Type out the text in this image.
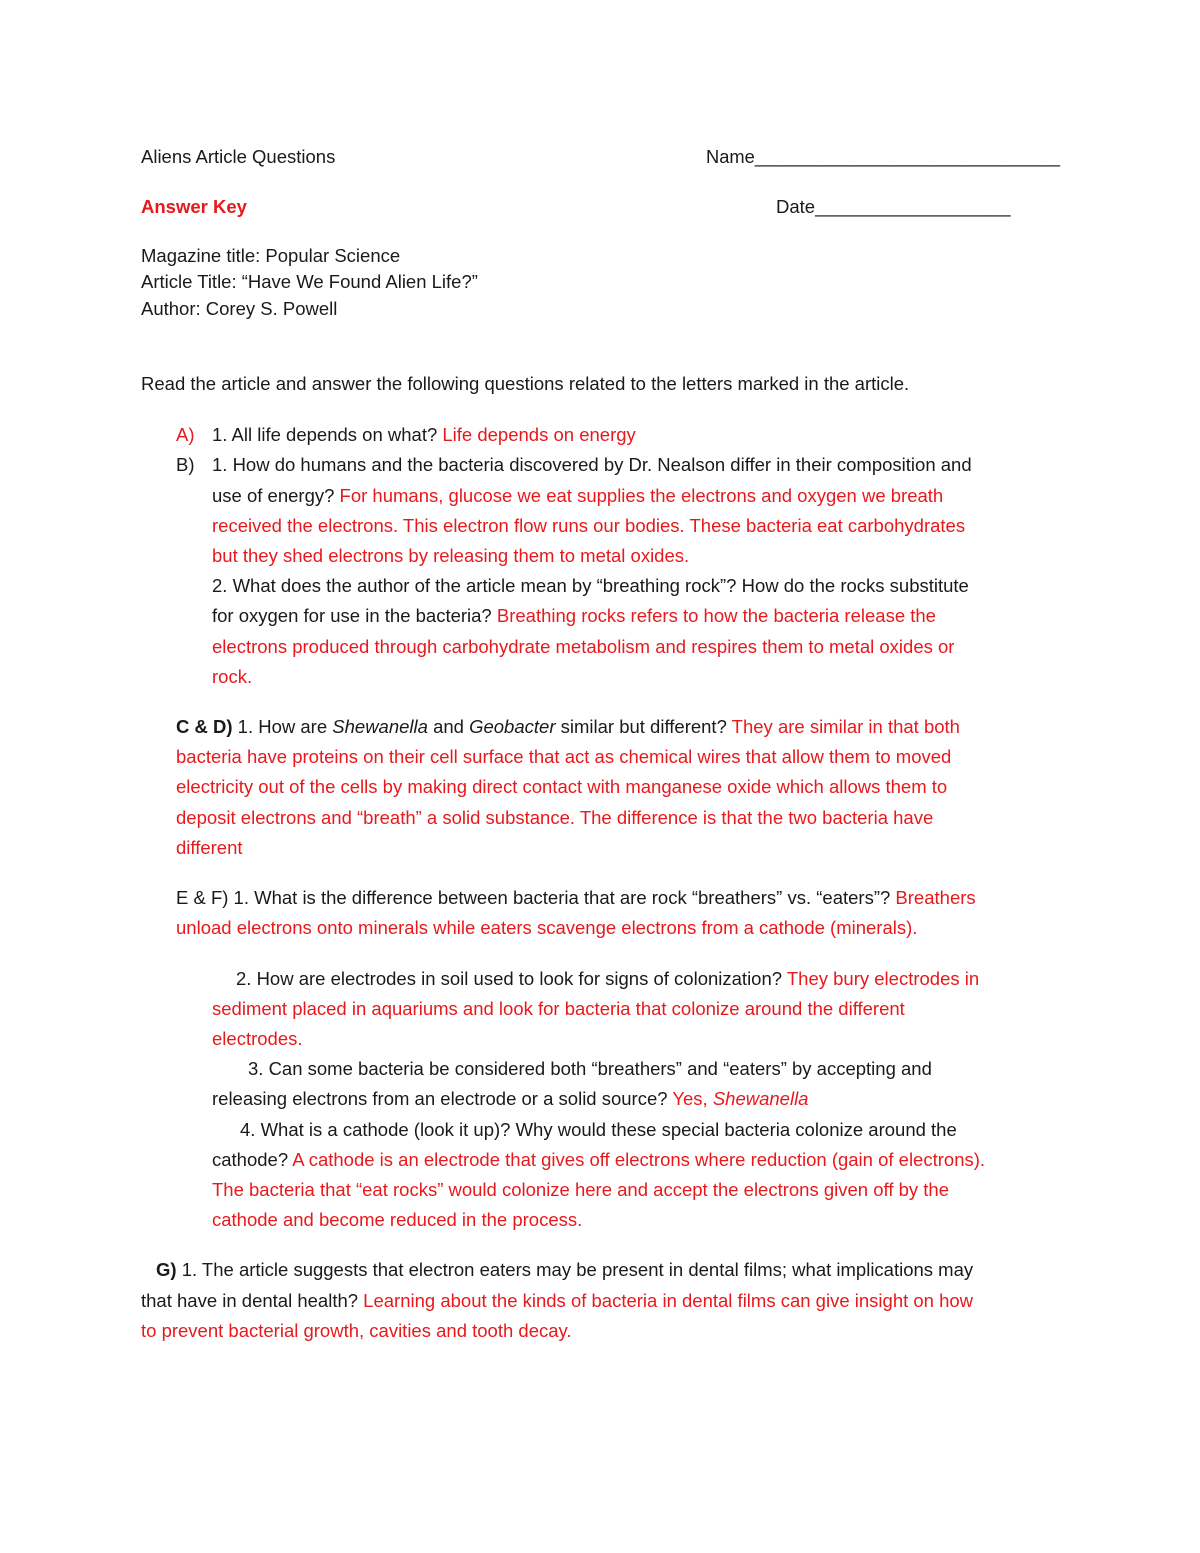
Aliens Article Questions	Name______________________________
Answer Key	Date___________________
Magazine title: Popular Science
Article Title: “Have We Found Alien Life?”
Author: Corey S. Powell
Read the article and answer the following questions related to the letters marked in the article.
A) 1. All life depends on what? Life depends on energy
B) 1. How do humans and the bacteria discovered by Dr. Nealson differ in their composition and
use of energy? For humans, glucose we eat supplies the electrons and oxygen we breath
received the electrons. This electron flow runs our bodies. These bacteria eat carbohydrates
but they shed electrons by releasing them to metal oxides.
2. What does the author of the article mean by “breathing rock”? How do the rocks substitute
for oxygen for use in the bacteria? Breathing rocks refers to how the bacteria release the
electrons produced through carbohydrate metabolism and respires them to metal oxides or
rock.
C & D) 1. How are Shewanella and Geobacter similar but different? They are similar in that both
bacteria have proteins on their cell surface that act as chemical wires that allow them to moved
electricity out of the cells by making direct contact with manganese oxide which allows them to
deposit electrons and “breath” a solid substance. The difference is that the two bacteria have
different
E & F) 1. What is the difference between bacteria that are rock “breathers” vs. “eaters”? Breathers
unload electrons onto minerals while eaters scavenge electrons from a cathode (minerals).
2. How are electrodes in soil used to look for signs of colonization? They bury electrodes in
sediment placed in aquariums and look for bacteria that colonize around the different
electrodes.
3. Can some bacteria be considered both “breathers” and “eaters” by accepting and
releasing electrons from an electrode or a solid source? Yes, Shewanella
4. What is a cathode (look it up)? Why would these special bacteria colonize around the
cathode? A cathode is an electrode that gives off electrons where reduction (gain of electrons).
The bacteria that “eat rocks” would colonize here and accept the electrons given off by the
cathode and become reduced in the process.
G) 1. The article suggests that electron eaters may be present in dental films; what implications may
that have in dental health? Learning about the kinds of bacteria in dental films can give insight on how
to prevent bacterial growth, cavities and tooth decay.
